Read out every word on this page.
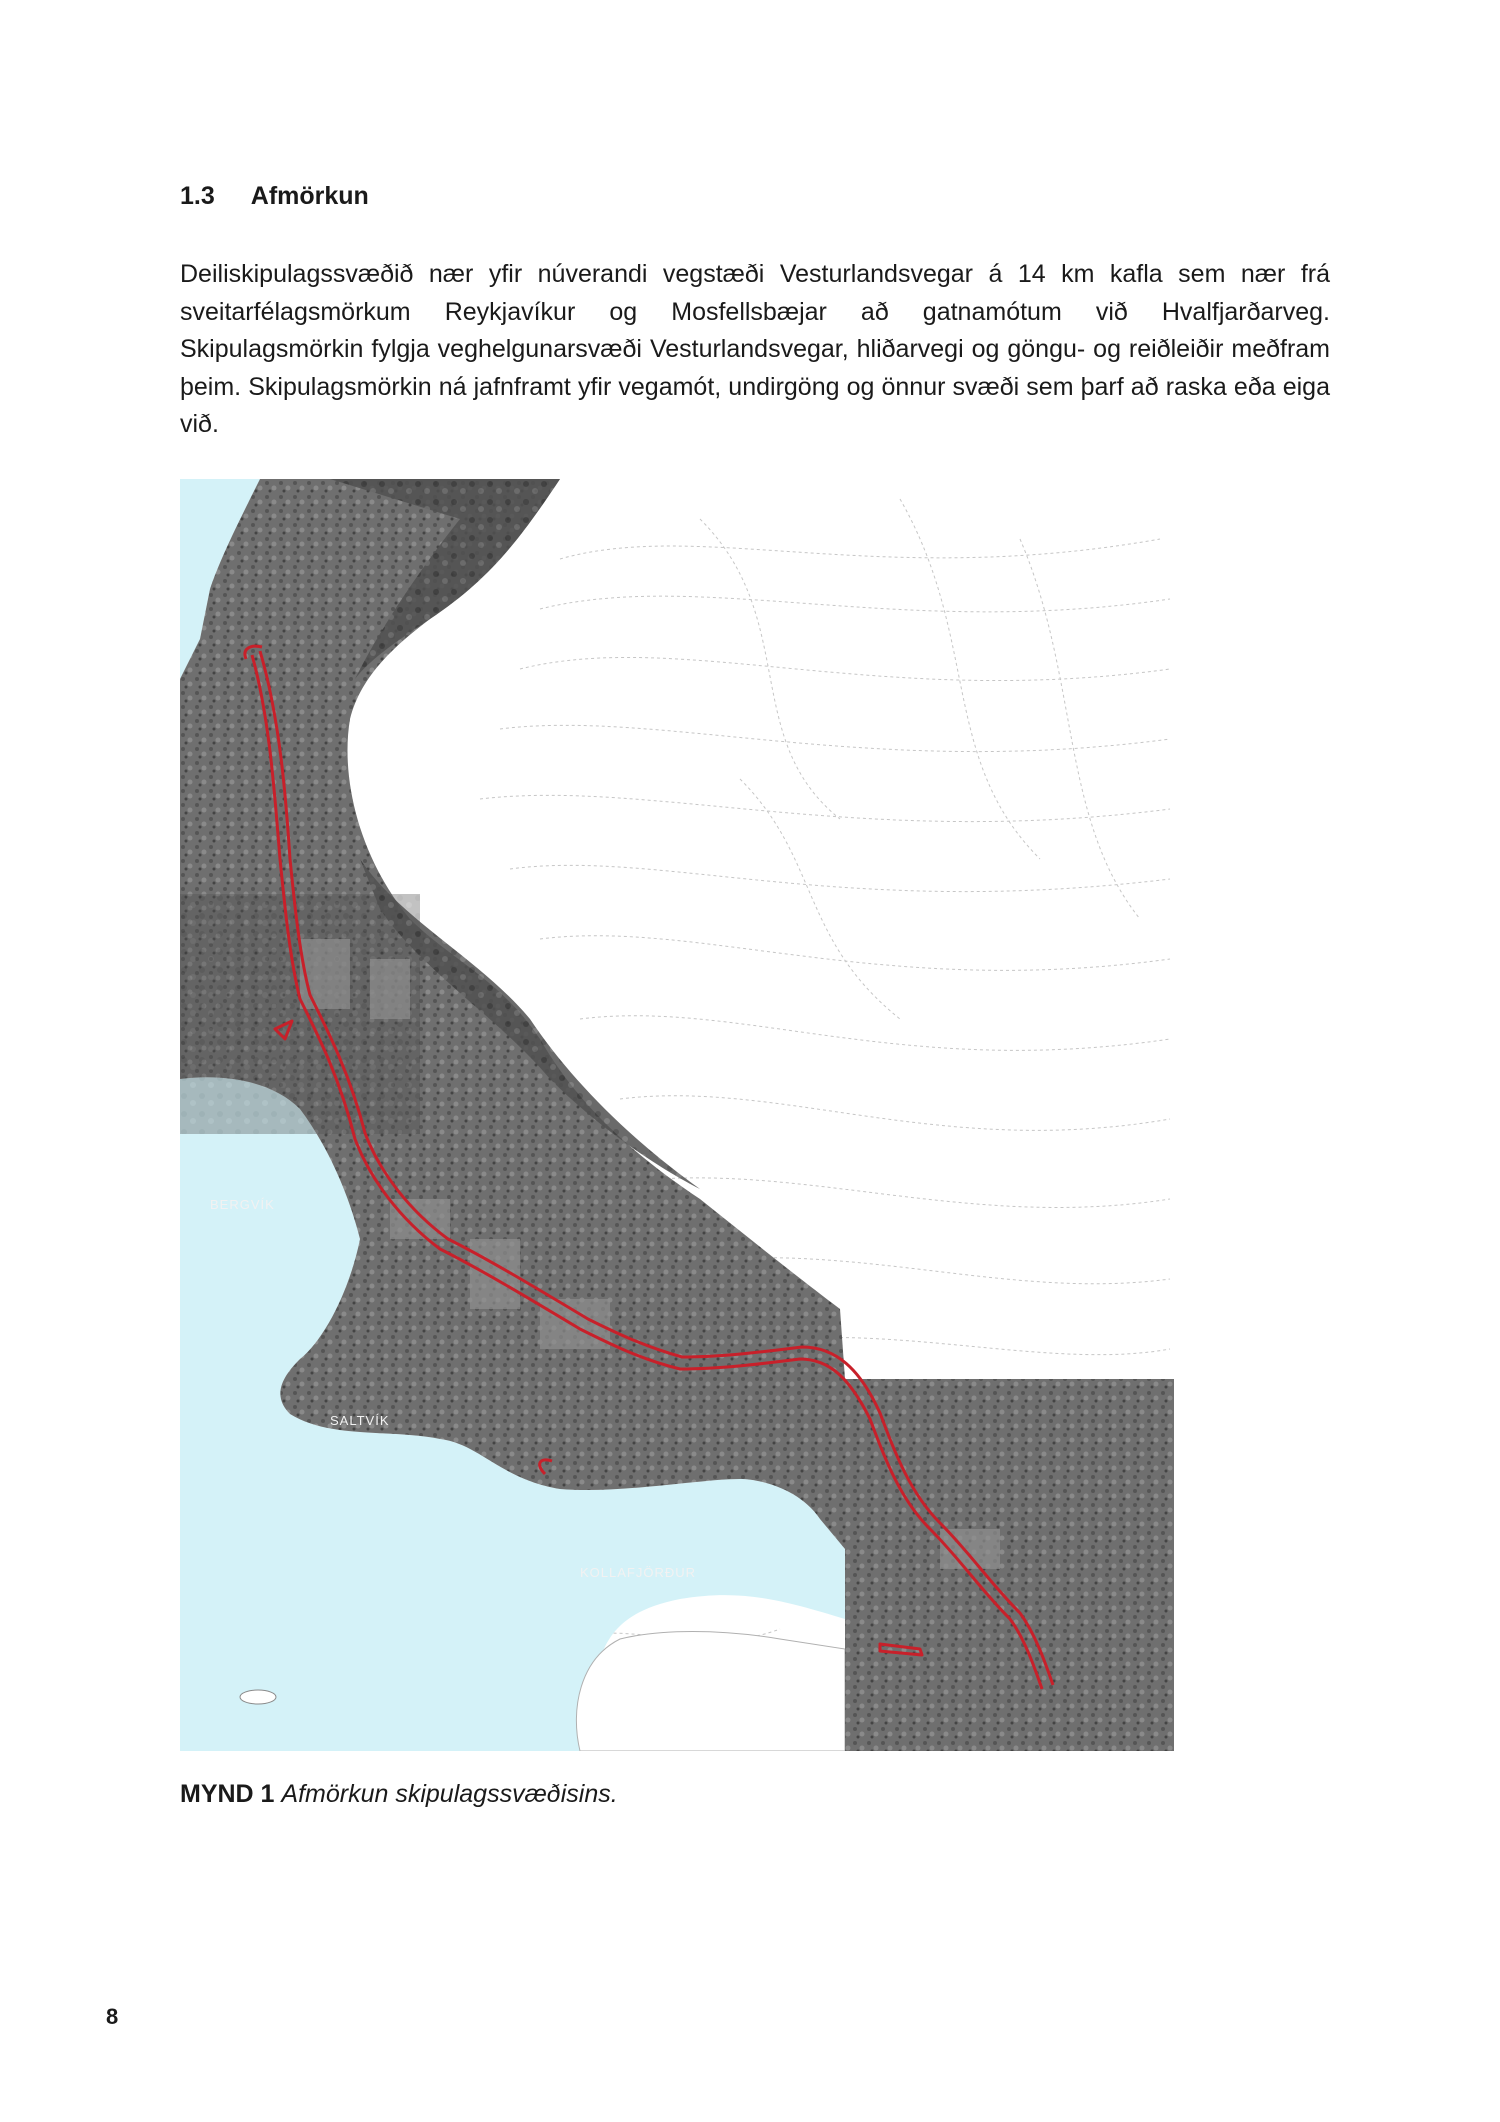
1.3 Afmörkun

Deiliskipulagssvæðið nær yfir núverandi vegstæði Vesturlandsvegar á 14 km kafla sem nær frá sveitarfélagsmörkum Reykjavíkur og Mosfellsbæjar að gatnamótum við Hvalfjarðarveg. Skipulagsmörkin fylgja veghelgunarsvæði Vesturlandsvegar, hliðarvegi og göngu- og reiðleiðir meðfram þeim. Skipulagsmörkin ná jafnframt yfir vegamót, undirgöng og önnur svæði sem þarf að raska eða eiga við.

BERGVÍK
SALTVÍK
KOLLAFJÖRÐUR
MYND 1 Afmörkun skipulagssvæðisins.
8
